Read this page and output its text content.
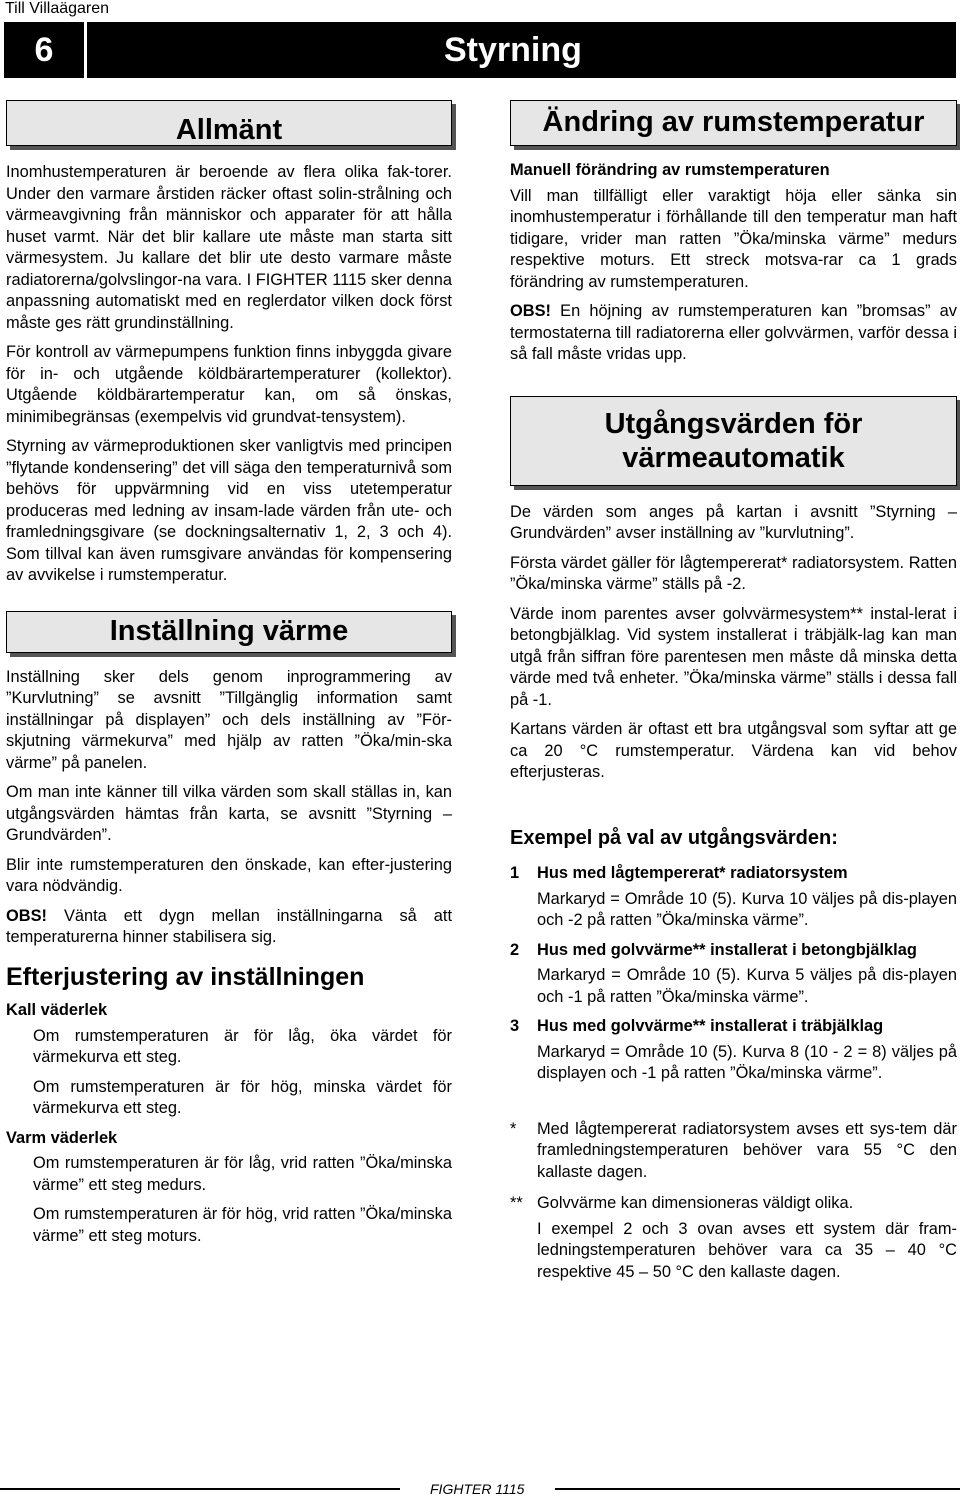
Till Villaägaren
6	Styrning
Allmänt

Inomhustemperaturen är beroende av flera olika fak-torer. Under den varmare årstiden räcker oftast solin-strålning och värmeavgivning från människor och apparater för att hålla huset varmt. När det blir kallare ute måste man starta sitt värmesystem. Ju kallare det blir ute desto varmare måste radiatorerna/golvslingor-na vara. I FIGHTER 1115 sker denna anpassning automatiskt med en reglerdator vilken dock först måste ges rätt grundinställning.

För kontroll av värmepumpens funktion finns inbyggda givare för in- och utgående köldbärartemperaturer (kollektor). Utgående köldbärartemperatur kan, om så önskas, minimibegränsas (exempelvis vid grundvat-tensystem).

Styrning av värmeproduktionen sker vanligtvis med principen ”flytande kondensering” det vill säga den temperaturnivå som behövs för uppvärmning vid en viss utetemperatur produceras med ledning av insam-lade värden från ute- och framledningsgivare (se dockningsalternativ 1, 2, 3 och 4). Som tillval kan även rumsgivare användas för kompensering av avvikelse i rumstemperatur.

Inställning värme

Inställning sker dels genom inprogrammering av ”Kurvlutning” se avsnitt ”Tillgänglig information samt inställningar på displayen” och dels inställning av ”För-skjutning värmekurva” med hjälp av ratten ”Öka/min-ska värme” på panelen.

Om man inte känner till vilka värden som skall ställas in, kan utgångsvärden hämtas från karta, se avsnitt ”Styrning – Grundvärden”.

Blir inte rumstemperaturen den önskade, kan efter-justering vara nödvändig.

OBS! Vänta ett dygn mellan inställningarna så att temperaturerna hinner stabilisera sig.

Efterjustering av inställningen
Kall väderlek

Om rumstemperaturen är för låg, öka värdet för värmekurva ett steg.

Om rumstemperaturen är för hög, minska värdet för värmekurva ett steg.

Varm väderlek

Om rumstemperaturen är för låg, vrid ratten ”Öka/minska värme” ett steg medurs.

Om rumstemperaturen är för hög, vrid ratten ”Öka/minska värme” ett steg moturs.

Ändring av rumstemperatur
Manuell förändring av rumstemperaturen

Vill man tillfälligt eller varaktigt höja eller sänka sin inomhustemperatur i förhållande till den temperatur man haft tidigare, vrider man ratten ”Öka/minska värme” medurs respektive moturs. Ett streck motsva-rar ca 1 grads förändring av rumstemperaturen.

OBS! En höjning av rumstemperaturen kan ”bromsas” av termostaterna till radiatorerna eller golvvärmen, varför dessa i så fall måste vridas upp.

Utgångsvärden för värmeautomatik

De värden som anges på kartan i avsnitt ”Styrning – Grundvärden” avser inställning av ”kurvlutning”.

Första värdet gäller för lågtempererat* radiatorsystem. Ratten ”Öka/minska värme” ställs på -2.

Värde inom parentes avser golvvärmesystem** instal-lerat i betongbjälklag. Vid system installerat i träbjälk-lag kan man utgå från siffran före parentesen men måste då minska detta värde med två enheter. ”Öka/minska värme” ställs i dessa fall på -1.

Kartans värden är oftast ett bra utgångsval som syftar att ge ca 20 °C rumstemperatur. Värdena kan vid behov efterjusteras.

Exempel på val av utgångsvärden:
1	Hus med lågtempererat* radiatorsystem

Markaryd = Område 10 (5). Kurva 10 väljes på dis-playen och -2 på ratten ”Öka/minska värme”.

2	Hus med golvvärme** installerat i betongbjälklag

Markaryd = Område 10 (5). Kurva 5 väljes på dis-playen och -1 på ratten ”Öka/minska värme”.

3	Hus med golvvärme** installerat i träbjälklag

Markaryd = Område 10 (5). Kurva 8 (10 - 2 = 8) väljes på displayen och -1 på ratten ”Öka/minska värme”.

*	Med lågtempererat radiatorsystem avses ett sys-tem där framledningstemperaturen behöver vara 55 °C den kallaste dagen.

** Golvvärme kan dimensioneras väldigt olika.

I exempel 2 och 3 ovan avses ett system där fram-ledningstemperaturen behöver vara ca 35 – 40 °C respektive 45 – 50 °C den kallaste dagen.

FIGHTER 1115
